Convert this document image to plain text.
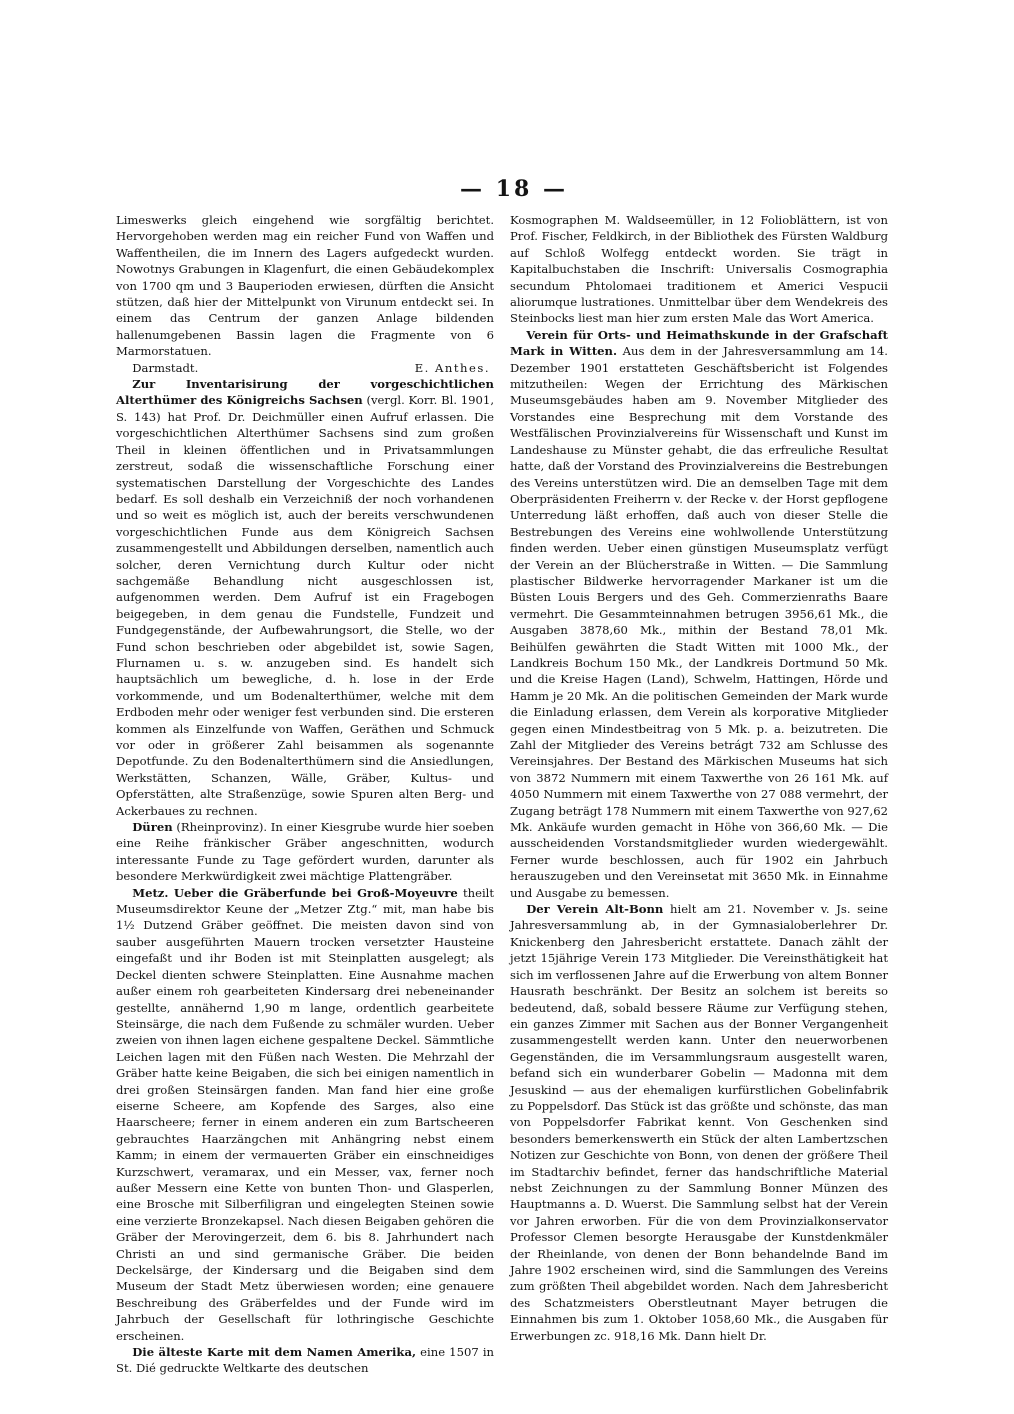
— 18 —

Limeswerks gleich eingehend wie sorgfältig berichtet. Hervorgehoben werden mag ein reicher Fund von Waffen und Waffentheilen, die im Innern des Lagers aufgedeckt wurden. Nowotnys Grabungen in Klagenfurt, die einen Gebäudekomplex von 1700 qm und 3 Bauperioden erwiesen, dürften die Ansicht stützen, daß hier der Mittelpunkt von Virunum entdeckt sei. In einem das Centrum der ganzen Anlage bildenden hallenumgebenen Bassin lagen die Fragmente von 6 Marmorstatuen.

Darmstadt.	E. Anthes.

Zur Inventarisirung der vorgeschichtlichen Alterthümer des Königreichs Sachsen (vergl. Korr. Bl. 1901, S. 143) hat Prof. Dr. Deichmüller einen Aufruf erlassen. Die vorgeschichtlichen Alterthümer Sachsens sind zum großen Theil in kleinen öffentlichen und in Privatsammlungen zerstreut, sodaß die wissenschaftliche Forschung einer systematischen Darstellung der Vorgeschichte des Landes bedarf. Es soll deshalb ein Verzeichniß der noch vorhandenen und so weit es möglich ist, auch der bereits verschwundenen vorgeschichtlichen Funde aus dem Königreich Sachsen zusammengestellt und Abbildungen derselben, namentlich auch solcher, deren Vernichtung durch Kultur oder nicht sachgemäße Behandlung nicht ausgeschlossen ist, aufgenommen werden. Dem Aufruf ist ein Fragebogen beigegeben, in dem genau die Fundstelle, Fundzeit und Fundgegenstände, der Aufbewahrungsort, die Stelle, wo der Fund schon beschrieben oder abgebildet ist, sowie Sagen, Flurnamen u. s. w. anzugeben sind. Es handelt sich hauptsächlich um bewegliche, d. h. lose in der Erde vorkommende, und um Bodenalterthümer, welche mit dem Erdboden mehr oder weniger fest verbunden sind. Die ersteren kommen als Einzelfunde von Waffen, Geräthen und Schmuck vor oder in größerer Zahl beisammen als sogenannte Depotfunde. Zu den Bodenalterthümern sind die Ansiedlungen, Werkstätten, Schanzen, Wälle, Gräber, Kultus- und Opferstätten, alte Straßenzüge, sowie Spuren alten Berg- und Ackerbaues zu rechnen.

Düren (Rheinprovinz). In einer Kiesgrube wurde hier soeben eine Reihe fränkischer Gräber angeschnitten, wodurch interessante Funde zu Tage gefördert wurden, darunter als besondere Merkwürdigkeit zwei mächtige Plattengräber.

Metz. Ueber die Gräberfunde bei Groß-Moyeuvre theilt Museumsdirektor Keune der „Metzer Ztg.“ mit, man habe bis 1½ Dutzend Gräber geöffnet. Die meisten davon sind von sauber ausgeführten Mauern trocken versetzter Hausteine eingefaßt und ihr Boden ist mit Steinplatten ausgelegt; als Deckel dienten schwere Steinplatten. Eine Ausnahme machen außer einem roh gearbeiteten Kindersarg drei nebeneinander gestellte, annähernd 1,90 m lange, ordentlich gearbeitete Steinsärge, die nach dem Fußende zu schmäler wurden. Ueber zweien von ihnen lagen eichene gespaltene Deckel. Sämmtliche Leichen lagen mit den Füßen nach Westen. Die Mehrzahl der Gräber hatte keine Beigaben, die sich bei einigen namentlich in drei großen Steinsärgen fanden. Man fand hier eine große eiserne Scheere, am Kopfende des Sarges, also eine Haarscheere; ferner in einem anderen ein zum Bartscheeren gebrauchtes Haarzängchen mit Anhängring nebst einem Kamm; in einem der vermauerten Gräber ein einschneidiges Kurzschwert, veramarax, und ein Messer, vax, ferner noch außer Messern eine Kette von bunten Thon- und Glasperlen, eine Brosche mit Silberfiligran und eingelegten Steinen sowie eine verzierte Bronzekapsel. Nach diesen Beigaben gehören die Gräber der Merovingerzeit, dem 6. bis 8. Jahrhundert nach Christi an und sind germanische Gräber. Die beiden Deckelsärge, der Kindersarg und die Beigaben sind dem Museum der Stadt Metz überwiesen worden; eine genauere Beschreibung des Gräberfeldes und der Funde wird im Jahrbuch der Gesellschaft für lothringische Geschichte erscheinen.

Die älteste Karte mit dem Namen Amerika, eine 1507 in St. Dié gedruckte Weltkarte des deutschen

Kosmographen M. Waldseemüller, in 12 Folioblättern, ist von Prof. Fischer, Feldkirch, in der Bibliothek des Fürsten Waldburg auf Schloß Wolfegg entdeckt worden. Sie trägt in Kapitalbuchstaben die Inschrift: Universalis Cosmographia secundum Phtolomaei traditionem et Americi Vespucii aliorumque lustrationes. Unmittelbar über dem Wendekreis des Steinbocks liest man hier zum ersten Male das Wort America.

Verein für Orts- und Heimathskunde in der Grafschaft Mark in Witten. Aus dem in der Jahresversammlung am 14. Dezember 1901 erstatteten Geschäftsbericht ist Folgendes mitzutheilen: Wegen der Errichtung des Märkischen Museumsgebäudes haben am 9. November Mitglieder des Vorstandes eine Besprechung mit dem Vorstande des Westfälischen Provinzialvereins für Wissenschaft und Kunst im Landeshause zu Münster gehabt, die das erfreuliche Resultat hatte, daß der Vorstand des Provinzialvereins die Bestrebungen des Vereins unterstützen wird. Die an demselben Tage mit dem Oberpräsidenten Freiherrn v. der Recke v. der Horst gepflogene Unterredung läßt erhoffen, daß auch von dieser Stelle die Bestrebungen des Vereins eine wohlwollende Unterstützung finden werden. Ueber einen günstigen Museumsplatz verfügt der Verein an der Blücherstraße in Witten. — Die Sammlung plastischer Bildwerke hervorragender Markaner ist um die Büsten Louis Bergers und des Geh. Commerzienraths Baare vermehrt. Die Gesammteinnahmen betrugen 3956,61 Mk., die Ausgaben 3878,60 Mk., mithin der Bestand 78,01 Mk. Beihülfen gewährten die Stadt Witten mit 1000 Mk., der Landkreis Bochum 150 Mk., der Landkreis Dortmund 50 Mk. und die Kreise Hagen (Land), Schwelm, Hattingen, Hörde und Hamm je 20 Mk. An die politischen Gemeinden der Mark wurde die Einladung erlassen, dem Verein als korporative Mitglieder gegen einen Mindestbeitrag von 5 Mk. p. a. beizutreten. Die Zahl der Mitglieder des Vereins betrágt 732 am Schlusse des Vereinsjahres. Der Bestand des Märkischen Museums hat sich von 3872 Nummern mit einem Taxwerthe von 26 161 Mk. auf 4050 Nummern mit einem Taxwerthe von 27 088 vermehrt, der Zugang beträgt 178 Nummern mit einem Taxwerthe von 927,62 Mk. Ankäufe wurden gemacht in Höhe von 366,60 Mk. — Die ausscheidenden Vorstandsmitglieder wurden wiedergewählt. Ferner wurde beschlossen, auch für 1902 ein Jahrbuch herauszugeben und den Vereinsetat mit 3650 Mk. in Einnahme und Ausgabe zu bemessen.

Der Verein Alt-Bonn hielt am 21. November v. Js. seine Jahresversammlung ab, in der Gymnasialoberlehrer Dr. Knickenberg den Jahresbericht erstattete. Danach zählt der jetzt 15jährige Verein 173 Mitglieder. Die Vereinsthätigkeit hat sich im verflossenen Jahre auf die Erwerbung von altem Bonner Hausrath beschränkt. Der Besitz an solchem ist bereits so bedeutend, daß, sobald bessere Räume zur Verfügung stehen, ein ganzes Zimmer mit Sachen aus der Bonner Vergangenheit zusammengestellt werden kann. Unter den neuerworbenen Gegenständen, die im Versammlungsraum ausgestellt waren, befand sich ein wunderbarer Gobelin — Madonna mit dem Jesuskind — aus der ehemaligen kurfürstlichen Gobelinfabrik zu Poppelsdorf. Das Stück ist das größte und schönste, das man von Poppelsdorfer Fabrikat kennt. Von Geschenken sind besonders bemerkenswerth ein Stück der alten Lambertzschen Notizen zur Geschichte von Bonn, von denen der größere Theil im Stadtarchiv befindet, ferner das handschriftliche Material nebst Zeichnungen zu der Sammlung Bonner Münzen des Hauptmanns a. D. Wuerst. Die Sammlung selbst hat der Verein vor Jahren erworben. Für die von dem Provinzialkonservator Professor Clemen besorgte Herausgabe der Kunstdenkmäler der Rheinlande, von denen der Bonn behandelnde Band im Jahre 1902 erscheinen wird, sind die Sammlungen des Vereins zum größten Theil abgebildet worden. Nach dem Jahresbericht des Schatzmeisters Oberstleutnant Mayer betrugen die Einnahmen bis zum 1. Oktober 1058,60 Mk., die Ausgaben für Erwerbungen zc. 918,16 Mk. Dann hielt Dr.
